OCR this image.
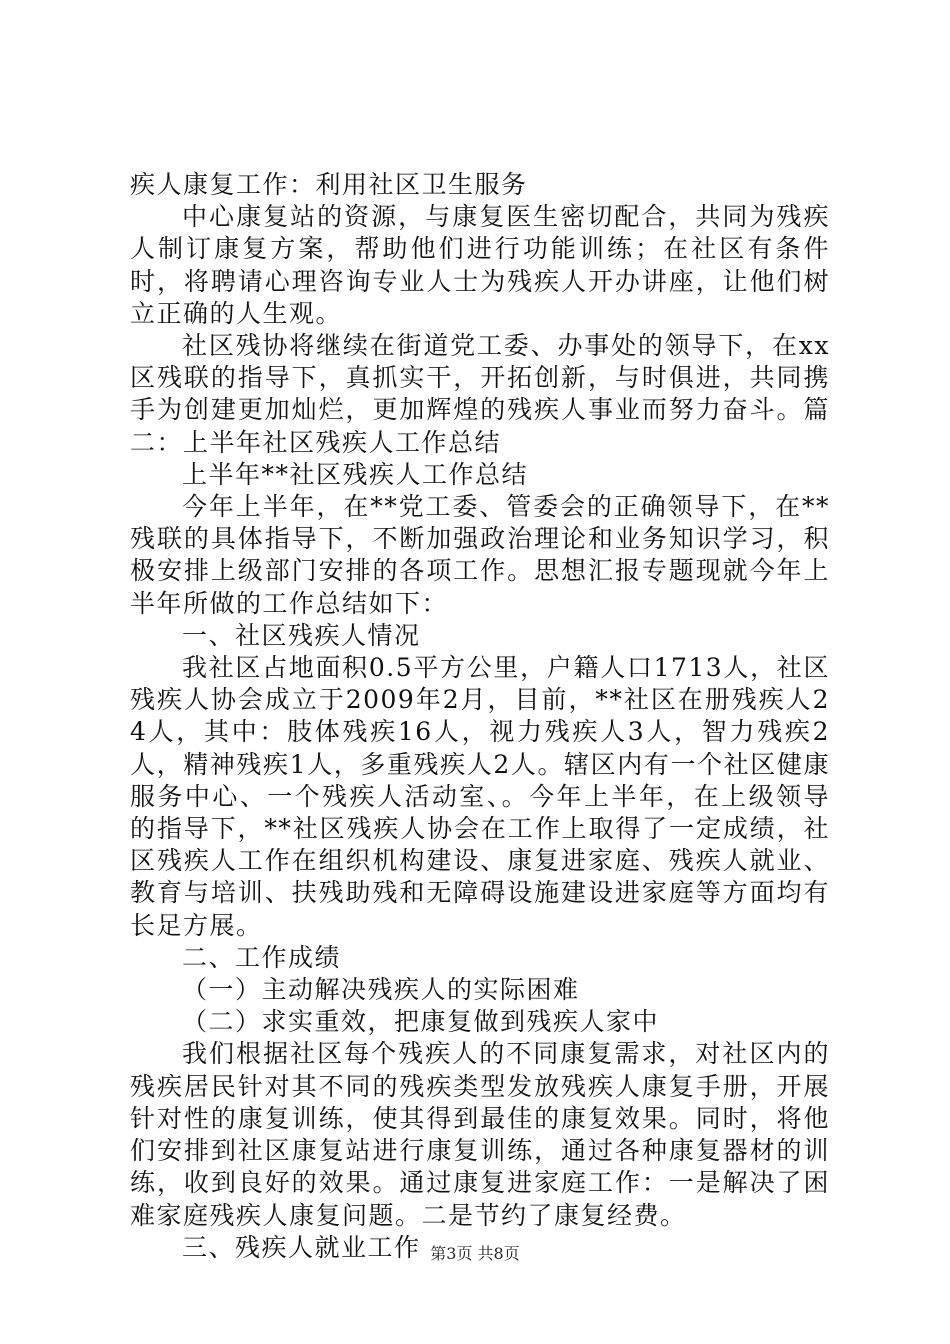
疾人康复工作：利用社区卫生服务

中心康复站的资源，与康复医生密切配合，共同为残疾人制订康复方案，帮助他们进行功能训练；在社区有条件时，将聘请心理咨询专业人士为残疾人开办讲座，让他们树立正确的人生观。

社区残协将继续在街道党工委、办事处的领导下，在xx区残联的指导下，真抓实干，开拓创新，与时俱进，共同携手为创建更加灿烂，更加辉煌的残疾人事业而努力奋斗。篇二：上半年社区残疾人工作总结

上半年**社区残疾人工作总结

今年上半年，在**党工委、管委会的正确领导下，在**残联的具体指导下，不断加强政治理论和业务知识学习，积极安排上级部门安排的各项工作。思想汇报专题现就今年上半年所做的工作总结如下：

一、社区残疾人情况

我社区占地面积0.5平方公里，户籍人口1713人，社区残疾人协会成立于2009年2月，目前，**社区在册残疾人24人，其中：肢体残疾16人，视力残疾人3人，智力残疾2人，精神残疾1人，多重残疾人2人。辖区内有一个社区健康服务中心、一个残疾人活动室、。今年上半年，在上级领导的指导下，**社区残疾人协会在工作上取得了一定成绩，社区残疾人工作在组织机构建设、康复进家庭、残疾人就业、教育与培训、扶残助残和无障碍设施建设进家庭等方面均有长足方展。

二、工作成绩

（一）主动解决残疾人的实际困难

（二）求实重效，把康复做到残疾人家中

我们根据社区每个残疾人的不同康复需求，对社区内的残疾居民针对其不同的残疾类型发放残疾人康复手册，开展针对性的康复训练，使其得到最佳的康复效果。同时，将他们安排到社区康复站进行康复训练，通过各种康复器材的训练，收到良好的效果。通过康复进家庭工作：一是解决了困难家庭残疾人康复问题。二是节约了康复经费。

三、残疾人就业工作 第3页 共8页
